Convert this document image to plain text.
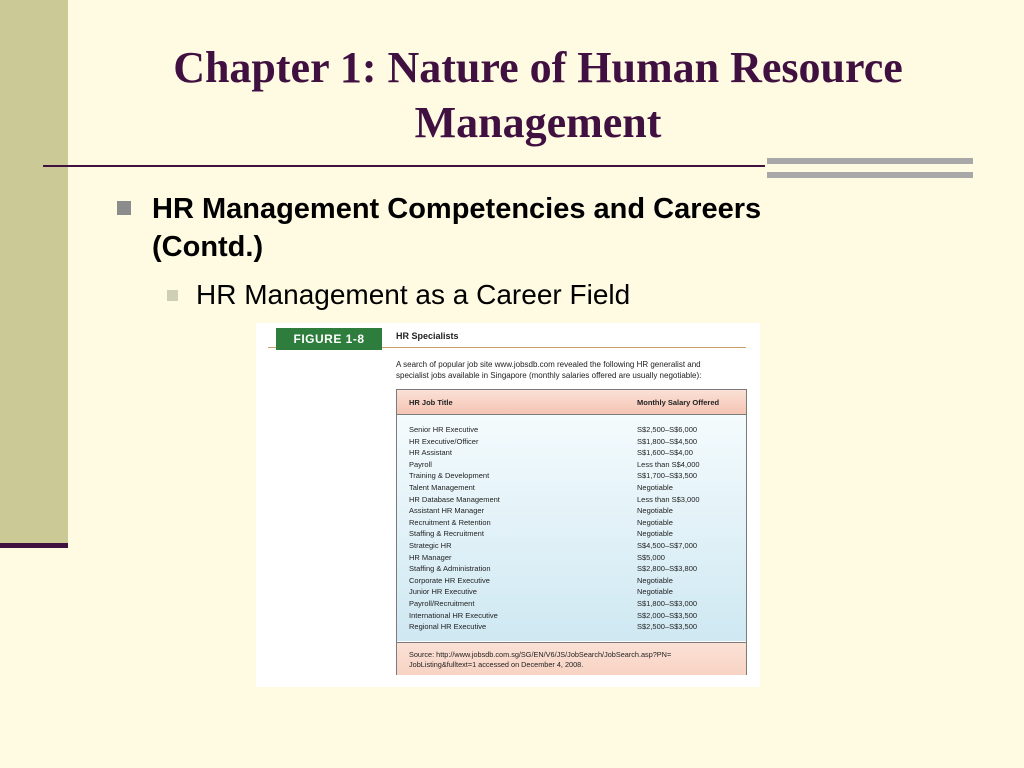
Chapter 1: Nature of Human Resource
Management
HR Management Competencies and Careers
(Contd.)
HR Management as a Career Field
FIGURE 1-8	HR Specialists
A search of popular job site www.jobsdb.com revealed the following HR generalist and
specialist jobs available in Singapore (monthly salaries offered are usually negotiable):
HR Job Title	Monthly Salary Offered
Senior HR Executive	S$2,500–S$6,000
HR Executive/Officer	S$1,800–S$4,500
HR Assistant	S$1,600–S$4,00
Payroll	Less than S$4,000
Training & Development	S$1,700–S$3,500
Talent Management	Negotiable
HR Database Management	Less than S$3,000
Assistant HR Manager	Negotiable
Recruitment & Retention	Negotiable
Staffing & Recruitment	Negotiable
Strategic HR	S$4,500–S$7,000
HR Manager	S$5,000
Staffing & Administration	S$2,800–S$3,800
Corporate HR Executive	Negotiable
Junior HR Executive	Negotiable
Payroll/Recruitment	S$1,800–S$3,000
International HR Executive	S$2,000–S$3,500
Regional HR Executive	S$2,500–S$3,500
Source: http://www.jobsdb.com.sg/SG/EN/V6/JS/JobSearch/JobSearch.asp?PN=
JobListing&fulltext=1 accessed on December 4, 2008.
